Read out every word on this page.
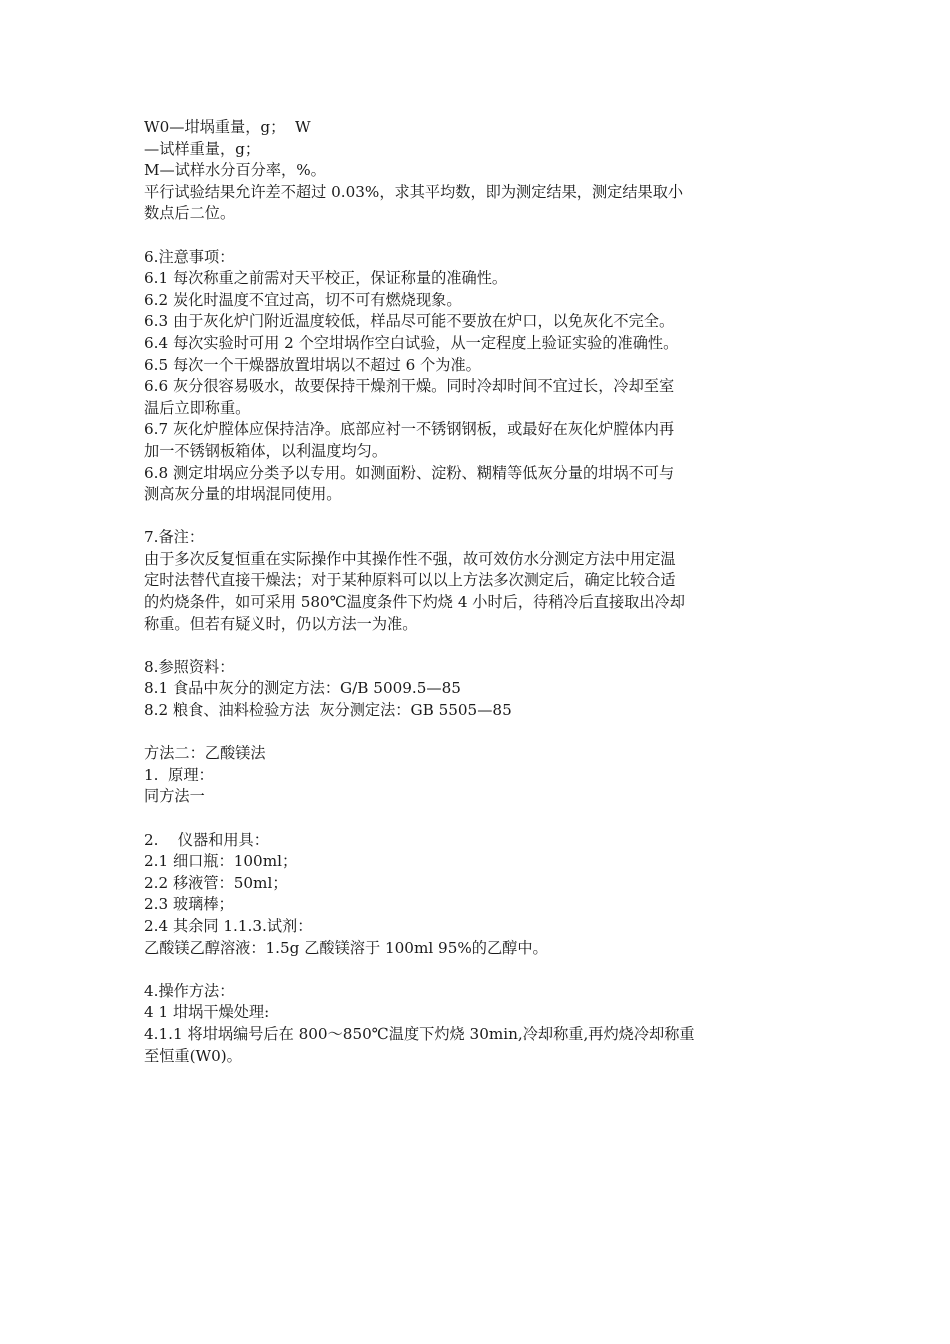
W0—坩埚重量，g；  W
—试样重量，g；
M—试样水分百分率，%。
平行试验结果允许差不超过 0.03%，求其平均数，即为测定结果，测定结果取小
数点后二位。
6.注意事项：
6.1 每次称重之前需对天平校正，保证称量的准确性。
6.2 炭化时温度不宜过高，切不可有燃烧现象。
6.3 由于灰化炉门附近温度较低，样品尽可能不要放在炉口，以免灰化不完全。
6.4 每次实验时可用 2 个空坩埚作空白试验，从一定程度上验证实验的准确性。
6.5 每次一个干燥器放置坩埚以不超过 6 个为准。
6.6 灰分很容易吸水，故要保持干燥剂干燥。同时冷却时间不宜过长，冷却至室
温后立即称重。
6.7 灰化炉膛体应保持洁净。底部应衬一不锈钢钢板，或最好在灰化炉膛体内再
加一不锈钢板箱体，以利温度均匀。
6.8 测定坩埚应分类予以专用。如测面粉、淀粉、糊精等低灰分量的坩埚不可与
测高灰分量的坩埚混同使用。
7.备注：
由于多次反复恒重在实际操作中其操作性不强，故可效仿水分测定方法中用定温
定时法替代直接干燥法；对于某种原料可以以上方法多次测定后，确定比较合适
的灼烧条件，如可采用 580℃温度条件下灼烧 4 小时后，待稍冷后直接取出冷却
称重。但若有疑义时，仍以方法一为准。
8.参照资料：
8.1 食品中灰分的测定方法：G/B 5009.5—85
8.2 粮食、油料检验方法  灰分测定法：GB 5505—85
方法二：乙酸镁法
1.  原理：
同方法一
2.    仪器和用具：
2.1 细口瓶：100ml；
2.2 移液管：50ml；
2.3 玻璃棒；
2.4 其余同 1.1.3.试剂：
乙酸镁乙醇溶液：1.5g 乙酸镁溶于 100ml 95%的乙醇中。
4.操作方法：
4 1 坩埚干燥处理:
4.1.1 将坩埚编号后在 800～850℃温度下灼烧 30min,冷却称重,再灼烧冷却称重
至恒重(W0)。
